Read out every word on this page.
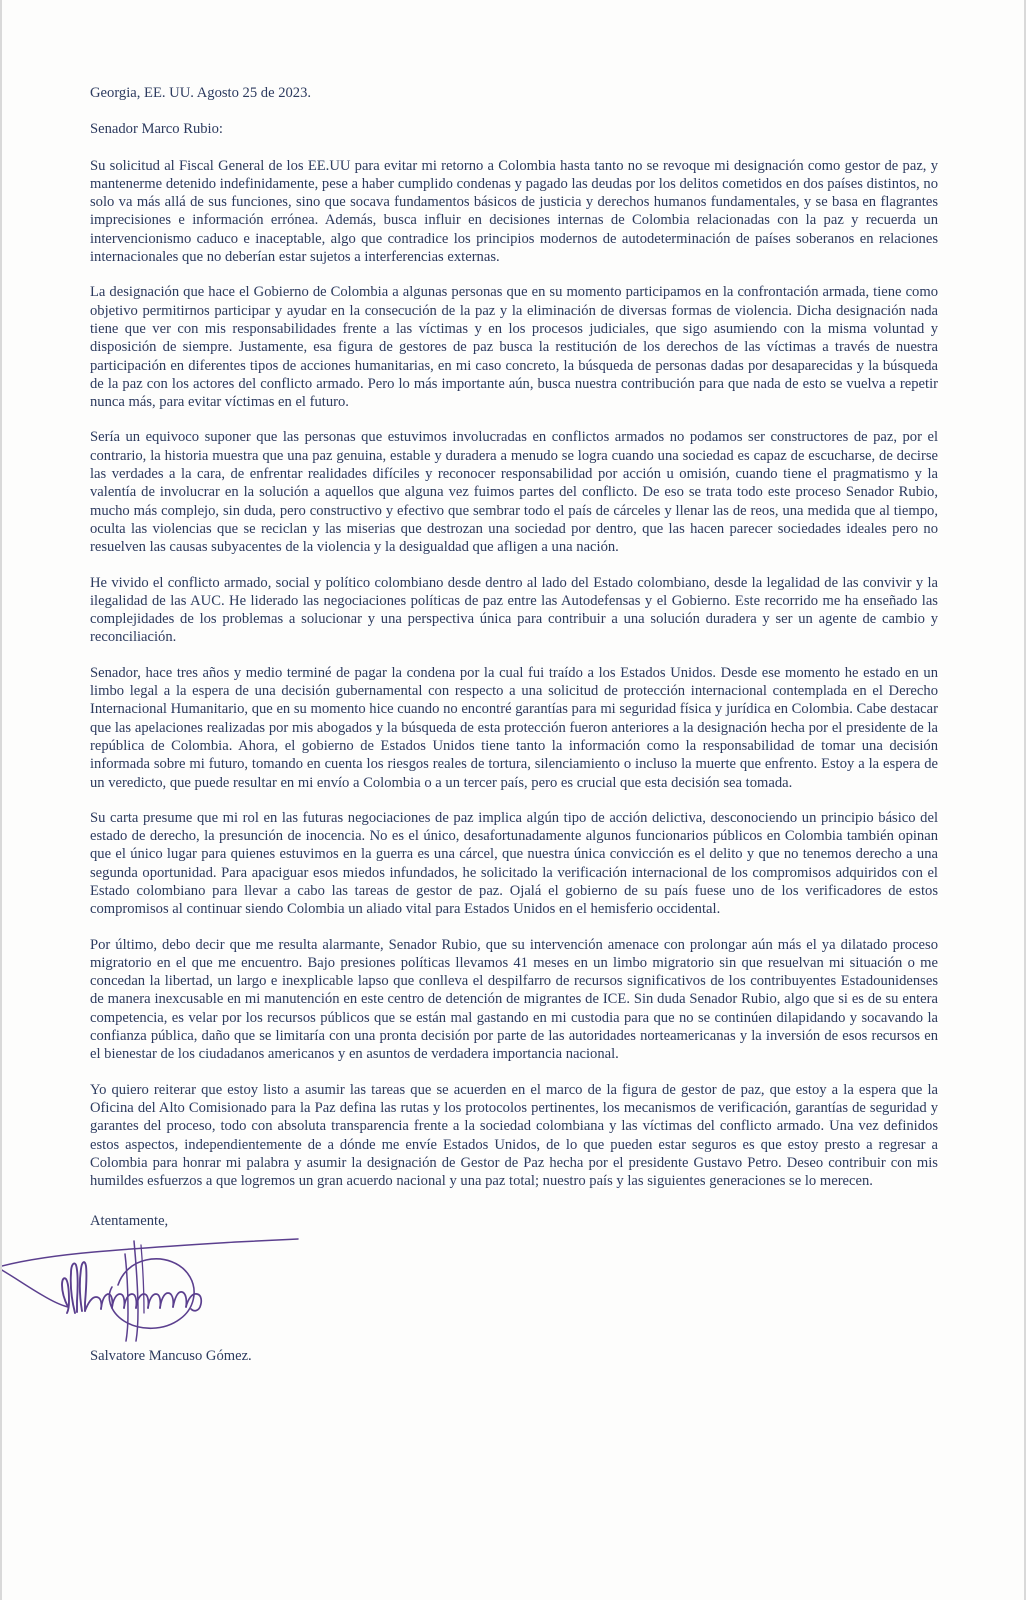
Georgia, EE. UU. Agosto 25 de 2023.
Senador Marco Rubio:

Su solicitud al Fiscal General de los EE.UU para evitar mi retorno a Colombia hasta tanto no se revoque mi designación como gestor de paz, y mantenerme detenido indefinidamente, pese a haber cumplido condenas y pagado las deudas por los delitos cometidos en dos países distintos, no solo va más allá de sus funciones, sino que socava fundamentos básicos de justicia y derechos humanos fundamentales, y se basa en flagrantes imprecisiones e información errónea. Además, busca influir en decisiones internas de Colombia relacionadas con la paz y recuerda un intervencionismo caduco e inaceptable, algo que contradice los principios modernos de autodeterminación de países soberanos en relaciones internacionales que no deberían estar sujetos a interferencias externas.

La designación que hace el Gobierno de Colombia a algunas personas que en su momento participamos en la confrontación armada, tiene como objetivo permitirnos participar y ayudar en la consecución de la paz y la eliminación de diversas formas de violencia. Dicha designación nada tiene que ver con mis responsabilidades frente a las víctimas y en los procesos judiciales, que sigo asumiendo con la misma voluntad y disposición de siempre. Justamente, esa figura de gestores de paz busca la restitución de los derechos de las víctimas a través de nuestra participación en diferentes tipos de acciones humanitarias, en mi caso concreto, la búsqueda de personas dadas por desaparecidas y la búsqueda de la paz con los actores del conflicto armado. Pero lo más importante aún, busca nuestra contribución para que nada de esto se vuelva a repetir nunca más, para evitar víctimas en el futuro.

Sería un equivoco suponer que las personas que estuvimos involucradas en conflictos armados no podamos ser constructores de paz, por el contrario, la historia muestra que una paz genuina, estable y duradera a menudo se logra cuando una sociedad es capaz de escucharse, de decirse las verdades a la cara, de enfrentar realidades difíciles y reconocer responsabilidad por acción u omisión, cuando tiene el pragmatismo y la valentía de involucrar en la solución a aquellos que alguna vez fuimos partes del conflicto. De eso se trata todo este proceso Senador Rubio, mucho más complejo, sin duda, pero constructivo y efectivo que sembrar todo el país de cárceles y llenar las de reos, una medida que al tiempo, oculta las violencias que se reciclan y las miserias que destrozan una sociedad por dentro, que las hacen parecer sociedades ideales pero no resuelven las causas subyacentes de la violencia y la desigualdad que afligen a una nación.

He vivido el conflicto armado, social y político colombiano desde dentro al lado del Estado colombiano, desde la legalidad de las convivir y la ilegalidad de las AUC. He liderado las negociaciones políticas de paz entre las Autodefensas y el Gobierno. Este recorrido me ha enseñado las complejidades de los problemas a solucionar y una perspectiva única para contribuir a una solución duradera y ser un agente de cambio y reconciliación.

Senador, hace tres años y medio terminé de pagar la condena por la cual fui traído a los Estados Unidos. Desde ese momento he estado en un limbo legal a la espera de una decisión gubernamental con respecto a una solicitud de protección internacional contemplada en el Derecho Internacional Humanitario, que en su momento hice cuando no encontré garantías para mi seguridad física y jurídica en Colombia. Cabe destacar que las apelaciones realizadas por mis abogados y la búsqueda de esta protección fueron anteriores a la designación hecha por el presidente de la república de Colombia. Ahora, el gobierno de Estados Unidos tiene tanto la información como la responsabilidad de tomar una decisión informada sobre mi futuro, tomando en cuenta los riesgos reales de tortura, silenciamiento o incluso la muerte que enfrento. Estoy a la espera de un veredicto, que puede resultar en mi envío a Colombia o a un tercer país, pero es crucial que esta decisión sea tomada.

Su carta presume que mi rol en las futuras negociaciones de paz implica algún tipo de acción delictiva, desconociendo un principio básico del estado de derecho, la presunción de inocencia. No es el único, desafortunadamente algunos funcionarios públicos en Colombia también opinan que el único lugar para quienes estuvimos en la guerra es una cárcel, que nuestra única convicción es el delito y que no tenemos derecho a una segunda oportunidad. Para apaciguar esos miedos infundados, he solicitado la verificación internacional de los compromisos adquiridos con el Estado colombiano para llevar a cabo las tareas de gestor de paz. Ojalá el gobierno de su país fuese uno de los verificadores de estos compromisos al continuar siendo Colombia un aliado vital para Estados Unidos en el hemisferio occidental.

Por último, debo decir que me resulta alarmante, Senador Rubio, que su intervención amenace con prolongar aún más el ya dilatado proceso migratorio en el que me encuentro. Bajo presiones políticas llevamos 41 meses en un limbo migratorio sin que resuelvan mi situación o me concedan la libertad, un largo e inexplicable lapso que conlleva el despilfarro de recursos significativos de los contribuyentes Estadounidenses de manera inexcusable en mi manutención en este centro de detención de migrantes de ICE. Sin duda Senador Rubio, algo que si es de su entera competencia, es velar por los recursos públicos que se están mal gastando en mi custodia para que no se continúen dilapidando y socavando la confianza pública, daño que se limitaría con una pronta decisión por parte de las autoridades norteamericanas y la inversión de esos recursos en el bienestar de los ciudadanos americanos y en asuntos de verdadera importancia nacional.

Yo quiero reiterar que estoy listo a asumir las tareas que se acuerden en el marco de la figura de gestor de paz, que estoy a la espera que la Oficina del Alto Comisionado para la Paz defina las rutas y los protocolos pertinentes, los mecanismos de verificación, garantías de seguridad y garantes del proceso, todo con absoluta transparencia frente a la sociedad colombiana y las víctimas del conflicto armado. Una vez definidos estos aspectos, independientemente de a dónde me envíe Estados Unidos, de lo que pueden estar seguros es que estoy presto a regresar a Colombia para honrar mi palabra y asumir la designación de Gestor de Paz hecha por el presidente Gustavo Petro. Deseo contribuir con mis humildes esfuerzos a que logremos un gran acuerdo nacional y una paz total; nuestro país y las siguientes generaciones se lo merecen.

Atentamente,
Salvatore Mancuso Gómez.
